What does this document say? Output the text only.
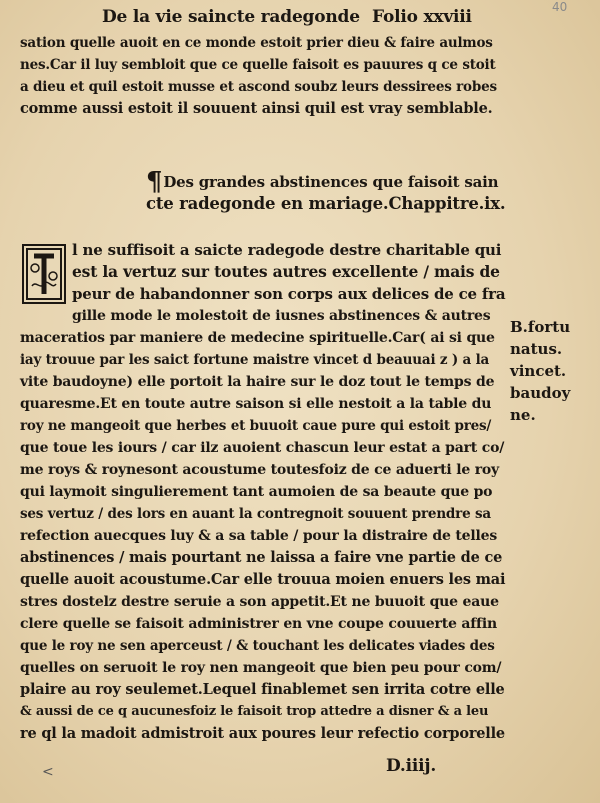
De la vie saincte radegonde Folio xxviii	40
sation quelle auoit en ce monde estoit prier dieu & faire aulmos
nes.Car il luy sembloit que ce quelle faisoit es pauures q ce stoit
a dieu et quil estoit musse et ascond soubz leurs dessirees robes
comme aussi estoit il souuent ainsi quil est vray semblable.
¶Des grandes abstinences que faisoit sain
cte radegonde en mariage.Chappitre.ix.
l ne suffisoit a saicte radegode destre charitable qui
est la vertuz sur toutes autres excellente / mais de
peur de habandonner son corps aux delices de ce fra
gille mode le molestoit de iusnes abstinences & autres
maceratios par maniere de medecine spirituelle.Car( ai si que
iay trouue par les saict fortune maistre vincet d beauuai z ) a la
vite baudoyne) elle portoit la haire sur le doz tout le temps de
quaresme.Et en toute autre saison si elle nestoit a la table du
roy ne mangeoit que herbes et buuoit caue pure qui estoit pres/
que toue les iours / car ilz auoient chascun leur estat a part co/
me roys & roynesont acoustume toutesfoiz de ce aduerti le roy
qui laymoit singulierement tant aumoien de sa beaute que po
ses vertuz / des lors en auant la contregnoit souuent prendre sa
refection auecques luy & a sa table / pour la distraire de telles
abstinences / mais pourtant ne laissa a faire vne partie de ce
quelle auoit acoustume.Car elle trouua moien enuers les mai
stres dostelz destre seruie a son appetit.Et ne buuoit que eaue
clere quelle se faisoit administrer en vne coupe couuerte affin
que le roy ne sen aperceust / & touchant les delicates viades des
quelles on seruoit le roy nen mangeoit que bien peu pour com/
plaire au roy seulemet.Lequel finablemet sen irrita cotre elle
& aussi de ce q aucunesfoiz le faisoit trop attedre a disner & a leu
re ql la madoit admistroit aux poures leur refectio corporelle
B.fortu
natus.
vincet.
baudoy
ne.
D.iiij.
<
